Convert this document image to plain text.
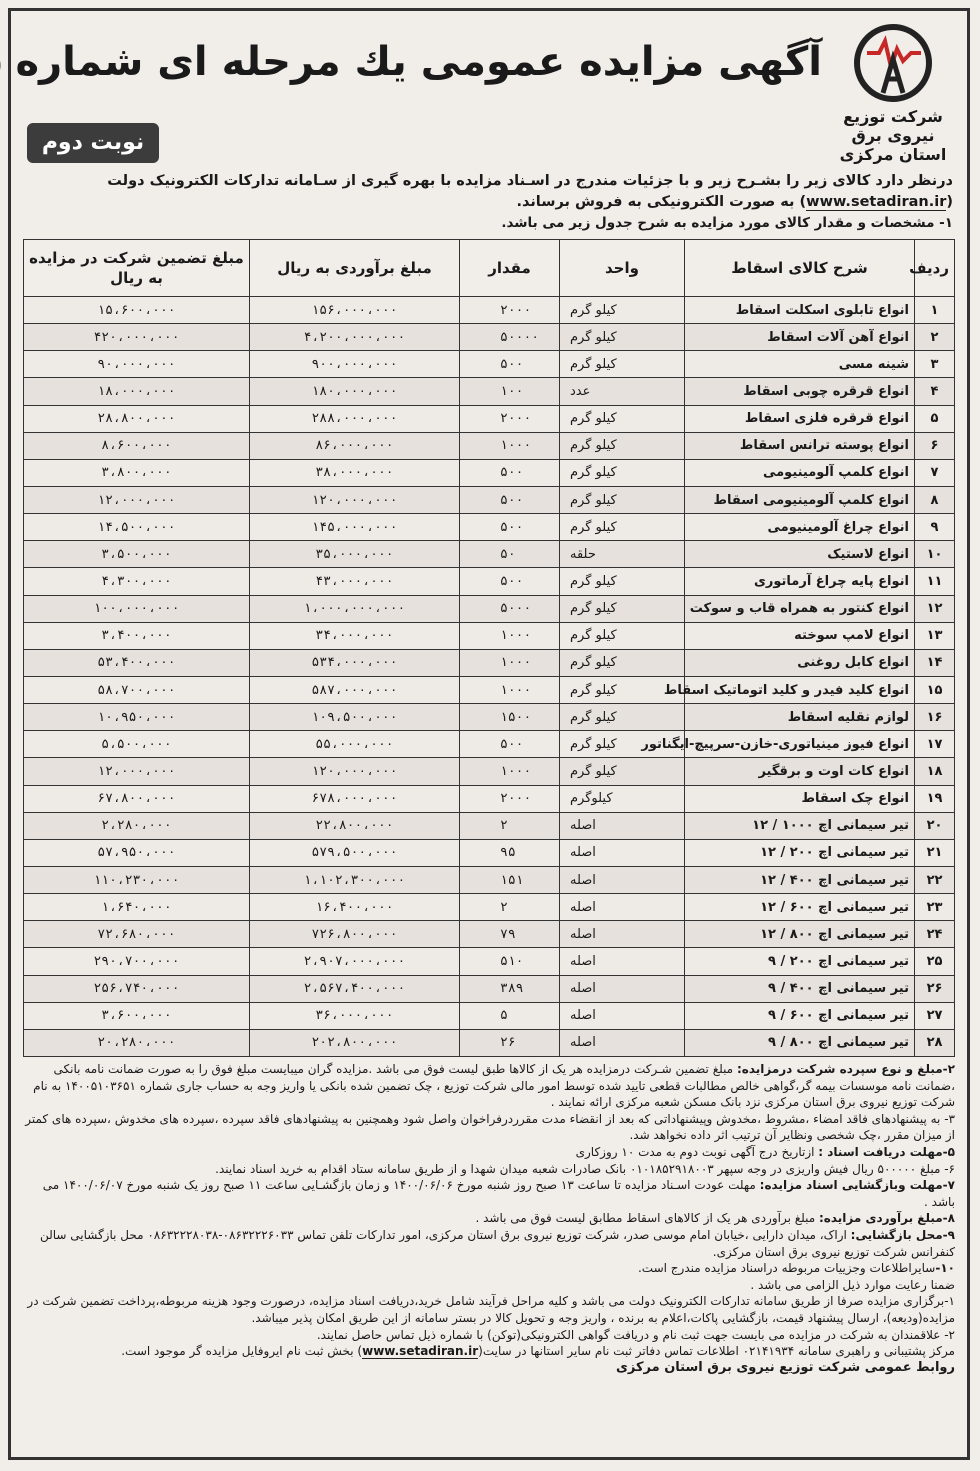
شرکت توزیع نیروی برق
استان مرکزی
آگهی مزایده عمومی یك مرحله ای شماره
نوبت دوم
درنظر دارد کالای زیر را بشـرح زیر و با جزئیات مندرج در اسـناد مزایده با بهره گیری از سـامانه تدارکات الکترونیک دولت (www.setadiran.ir) به صورت الکترونیکی به فروش برساند.
۱- مشخصات و مقدار کالای مورد مزایده به شرح جدول زیر می باشد.
ردیف	شرح کالای اسقاط	واحد	مقدار	مبلغ برآوردی به ریال	مبلغ تضمین شرکت در مزایده به ریال
۱	انواع تابلوی اسکلت اسقاط	کیلو گرم	۲۰۰۰	۱۵۶،۰۰۰،۰۰۰	۱۵،۶۰۰،۰۰۰
۲	انواع آهن آلات اسقاط	کیلو گرم	۵۰۰۰۰	۴،۲۰۰،۰۰۰،۰۰۰	۴۲۰،۰۰۰،۰۰۰
۳	شینه مسی	کیلو گرم	۵۰۰	۹۰۰،۰۰۰،۰۰۰	۹۰،۰۰۰،۰۰۰
۴	انواع قرقره چوبی اسقاط	عدد	۱۰۰	۱۸۰،۰۰۰،۰۰۰	۱۸،۰۰۰،۰۰۰
۵	انواع قرقره فلزی اسقاط	کیلو گرم	۲۰۰۰	۲۸۸،۰۰۰،۰۰۰	۲۸،۸۰۰،۰۰۰
۶	انواع پوسته ترانس اسقاط	کیلو گرم	۱۰۰۰	۸۶،۰۰۰،۰۰۰	۸،۶۰۰،۰۰۰
۷	انواع کلمپ آلومینیومی	کیلو گرم	۵۰۰	۳۸،۰۰۰،۰۰۰	۳،۸۰۰،۰۰۰
۸	انواع کلمپ آلومینیومی اسقاط	کیلو گرم	۵۰۰	۱۲۰،۰۰۰،۰۰۰	۱۲،۰۰۰،۰۰۰
۹	انواع چراغ آلومینیومی	کیلو گرم	۵۰۰	۱۴۵،۰۰۰،۰۰۰	۱۴،۵۰۰،۰۰۰
۱۰	انواع لاستیک	حلقه	۵۰	۳۵،۰۰۰،۰۰۰	۳،۵۰۰،۰۰۰
۱۱	انواع پایه چراغ آرماتوری	کیلو گرم	۵۰۰	۴۳،۰۰۰،۰۰۰	۴،۳۰۰،۰۰۰
۱۲	انواع کنتور به همراه قاب و سوکت	کیلو گرم	۵۰۰۰	۱،۰۰۰،۰۰۰،۰۰۰	۱۰۰،۰۰۰،۰۰۰
۱۳	انواع لامپ سوخته	کیلو گرم	۱۰۰۰	۳۴،۰۰۰،۰۰۰	۳،۴۰۰،۰۰۰
۱۴	انواع کابل روغنی	کیلو گرم	۱۰۰۰	۵۳۴،۰۰۰،۰۰۰	۵۳،۴۰۰،۰۰۰
۱۵	انواع کلید فیدر و کلید اتوماتیک اسقاط	کیلو گرم	۱۰۰۰	۵۸۷،۰۰۰،۰۰۰	۵۸،۷۰۰،۰۰۰
۱۶	لوازم نقلیه اسقاط	کیلو گرم	۱۵۰۰	۱۰۹،۵۰۰،۰۰۰	۱۰،۹۵۰،۰۰۰
۱۷	انواع فیوز مینیاتوری-خازن-سرپیچ-ایگناتور	کیلو گرم	۵۰۰	۵۵،۰۰۰،۰۰۰	۵،۵۰۰،۰۰۰
۱۸	انواع کات اوت و برقگیر	کیلو گرم	۱۰۰۰	۱۲۰،۰۰۰،۰۰۰	۱۲،۰۰۰،۰۰۰
۱۹	انواع چک اسقاط	کیلوگرم	۲۰۰۰	۶۷۸،۰۰۰،۰۰۰	۶۷،۸۰۰،۰۰۰
۲۰	تیر سیمانی اچ ۱۰۰۰ / ۱۲	اصله	۲	۲۲،۸۰۰،۰۰۰	۲،۲۸۰،۰۰۰
۲۱	تیر سیمانی اچ ۲۰۰ / ۱۲	اصله	۹۵	۵۷۹،۵۰۰،۰۰۰	۵۷،۹۵۰،۰۰۰
۲۲	تیر سیمانی اچ ۴۰۰ / ۱۲	اصله	۱۵۱	۱،۱۰۲،۳۰۰،۰۰۰	۱۱۰،۲۳۰،۰۰۰
۲۳	تیر سیمانی اچ ۶۰۰ / ۱۲	اصله	۲	۱۶،۴۰۰،۰۰۰	۱،۶۴۰،۰۰۰
۲۴	تیر سیمانی اچ ۸۰۰ / ۱۲	اصله	۷۹	۷۲۶،۸۰۰،۰۰۰	۷۲،۶۸۰،۰۰۰
۲۵	تیر سیمانی اچ ۲۰۰ / ۹	اصله	۵۱۰	۲،۹۰۷،۰۰۰،۰۰۰	۲۹۰،۷۰۰،۰۰۰
۲۶	تیر سیمانی اچ ۴۰۰ / ۹	اصله	۳۸۹	۲،۵۶۷،۴۰۰،۰۰۰	۲۵۶،۷۴۰،۰۰۰
۲۷	تیر سیمانی اچ ۶۰۰ / ۹	اصله	۵	۳۶،۰۰۰،۰۰۰	۳،۶۰۰،۰۰۰
۲۸	تیر سیمانی اچ ۸۰۰ / ۹	اصله	۲۶	۲۰۲،۸۰۰،۰۰۰	۲۰،۲۸۰،۰۰۰

۲-مبلغ و نوع سپرده شرکت درمزایده: مبلغ تضمین شـرکت درمزایده هر یک از کالاها طبق لیست فوق می باشد .مزایده گران میبایست مبلغ فوق را به صورت ضمانت نامه بانکی ،ضمانت نامه موسسات بیمه گر،گواهی خالص مطالبات قطعی تایید شده توسط امور مالی شرکت توزیع ، چک تضمین شده بانکی یا واریز وجه به حساب جاری شماره ۱۴۰۰۵۱۰۳۶۵۱ به نام شرکت توزیع نیروی برق استان مرکزی نزد بانک مسکن شعبه مرکزی ارائه نمایند .

۳- به پیشنهادهای فاقد امضاء ،مشروط ،مخدوش وپیشنهاداتی که بعد از انقضاء مدت مقرردرفراخوان واصل شود وهمچنین به پیشنهادهای فاقد سپرده ،سپرده های مخدوش ،سپرده های کمتر از میزان مقرر ،چک شخصی ونظایر آن ترتیب اثر داده نخواهد شد.

۵-مهلت دریافت اسناد : ازتاریخ درج آگهی نوبت دوم به مدت ۱۰ روزکاری

۶- مبلغ ۵۰۰۰۰۰ ریال فیش واریزی در وجه سپهر ۰۱۰۱۸۵۲۹۱۸۰۰۳ بانک صادرات شعبه میدان شهدا و از طریق سامانه ستاد اقدام به خرید اسناد نمایند.

۷-مهلت وبازگشایی اسناد مزایده: مهلت عودت اسـناد مزایده تا ساعت ۱۳ صبح روز شنبه مورخ ۱۴۰۰/۰۶/۰۶ و زمان بازگشـایی ساعت ۱۱ صبح روز یک شنبه مورخ ۱۴۰۰/۰۶/۰۷ می باشد .

۸-مبلغ برآوردی مزایده: مبلغ برآوردی هر یک از کالاهای اسقاط مطابق لیست فوق می باشد .

۹-محل بازگشایی: اراک، میدان دارایی ،خیابان امام موسی صدر، شرکت توزیع نیروی برق استان مرکزی، امور تدارکات تلفن تماس ۰۸۶۳۲۲۲۶۰۳۳-۰۸۶۳۲۲۲۸۰۳۸ محل بازگشایی سالن کنفرانس شرکت توزیع نیروی برق استان مرکزی.

۱۰-سایراطلاعات وجزییات مربوطه دراسناد مزایده مندرج است.

ضمنا رعایت موارد ذیل الزامی می باشد .

۱-برگزاری مزایده صرفا از طریق سامانه تدارکات الکترونیک دولت می باشد و کلیه مراحل فرآیند شامل خرید،دریافت اسناد مزایده، درصورت وجود هزینه مربوطه،پرداخت تضمین شرکت در مزایده(ودیعه)، ارسال پیشنهاد قیمت، بازگشایی پاکات،اعلام به برنده ، واریز وجه و تحویل کالا در بستر سامانه از این طریق امکان پذیر میباشد.

۲- علاقمندان به شرکت در مزایده می بایست جهت ثبت نام و دریافت گواهی الکترونیکی(توکن) با شماره ذیل تماس حاصل نمایند.

مرکز پشتیبانی و راهبری سامانه ۰۲۱۴۱۹۳۴ اطلاعات تماس دفاتر ثبت نام سایر استانها در سایت(www.setadiran.ir) بخش ثبت نام ایروفایل مزایده گر موجود است.

روابط عمومی شرکت توزیع نیروی برق استان مرکزی
